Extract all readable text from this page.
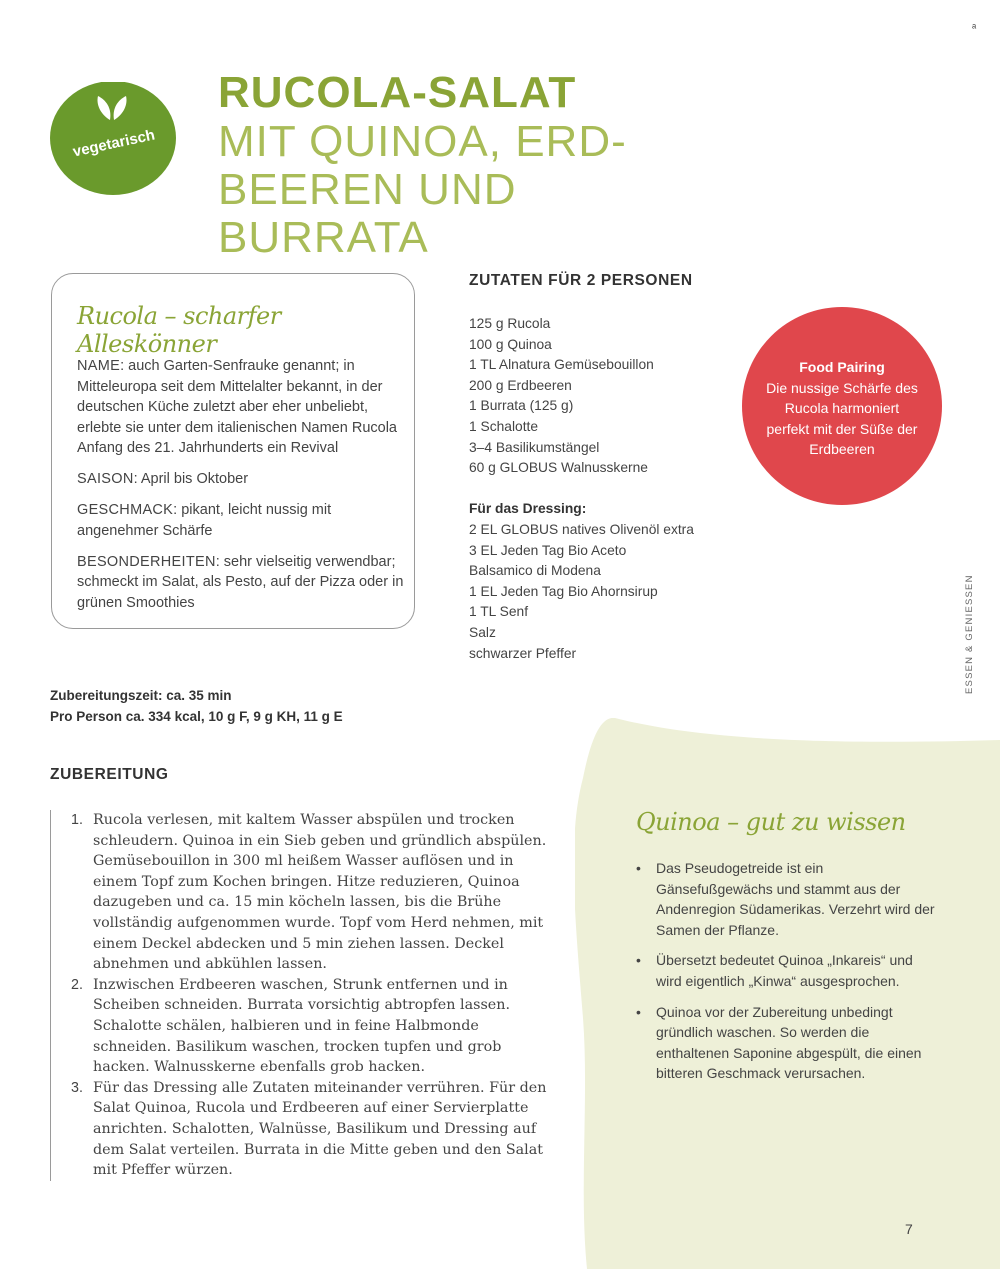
ᵃ
vegetarisch
RUCOLA-SALAT
MIT QUINOA, ERD-BEEREN UND BURRATA
Rucola – scharfer Alleskönner

NAME: auch Garten-Senfrauke genannt; in Mitteleuropa seit dem Mittelalter bekannt, in der deutschen Küche zuletzt aber eher unbeliebt, erlebte sie unter dem italienischen Namen Rucola Anfang des 21. Jahrhunderts ein Revival

SAISON: April bis Oktober

GESCHMACK: pikant, leicht nussig mit angenehmer Schärfe

BESONDERHEITEN: sehr vielseitig verwendbar; schmeckt im Salat, als Pesto, auf der Pizza oder in grünen Smoothies

ZUTATEN FÜR 2 PERSONEN
125 g Rucola
100 g Quinoa
1 TL Alnatura Gemüsebouillon
200 g Erdbeeren
1 Burrata (125 g)
1 Schalotte
3–4 Basilikumstängel
60 g GLOBUS Walnusskerne
Für das Dressing:
2 EL GLOBUS natives Olivenöl extra
3 EL Jeden Tag Bio Aceto
Balsamico di Modena
1 EL Jeden Tag Bio Ahornsirup
1 TL Senf
Salz
schwarzer Pfeffer
Food Pairing
Die nussige Schärfe des Rucola harmoniert perfekt mit der Süße der Erdbeeren
ESSEN & GENIESSEN
Zubereitungszeit: ca. 35 min
Pro Person ca. 334 kcal, 10 g F, 9 g KH, 11 g E
ZUBEREITUNG
1. Rucola verlesen, mit kaltem Wasser abspülen und trocken schleudern. Quinoa in ein Sieb geben und gründlich abspülen. Gemüsebouillon in 300 ml heißem Wasser auflösen und in einem Topf zum Kochen bringen. Hitze reduzieren, Quinoa dazugeben und ca. 15 min köcheln lassen, bis die Brühe vollständig aufgenommen wurde. Topf vom Herd nehmen, mit einem Deckel abdecken und 5 min ziehen lassen. Deckel abnehmen und abkühlen lassen.
2. Inzwischen Erdbeeren waschen, Strunk entfernen und in Scheiben schneiden. Burrata vorsichtig abtropfen lassen. Schalotte schälen, halbieren und in feine Halbmonde schneiden. Basilikum waschen, trocken tupfen und grob hacken. Walnusskerne ebenfalls grob hacken.
3. Für das Dressing alle Zutaten miteinander verrühren. Für den Salat Quinoa, Rucola und Erdbeeren auf einer Servierplatte anrichten. Schalotten, Walnüsse, Basilikum und Dressing auf dem Salat verteilen. Burrata in die Mitte geben und den Salat mit Pfeffer würzen.
Quinoa – gut zu wissen
• Das Pseudogetreide ist ein Gänsefußgewächs und stammt aus der Andenregion Südamerikas. Verzehrt wird der Samen der Pflanze.
• Übersetzt bedeutet Quinoa „Inkareis“ und wird eigentlich „Kinwa“ ausgesprochen.
• Quinoa vor der Zubereitung unbedingt gründlich waschen. So werden die enthaltenen Saponine abgespült, die einen bitteren Geschmack verursachen.
7
